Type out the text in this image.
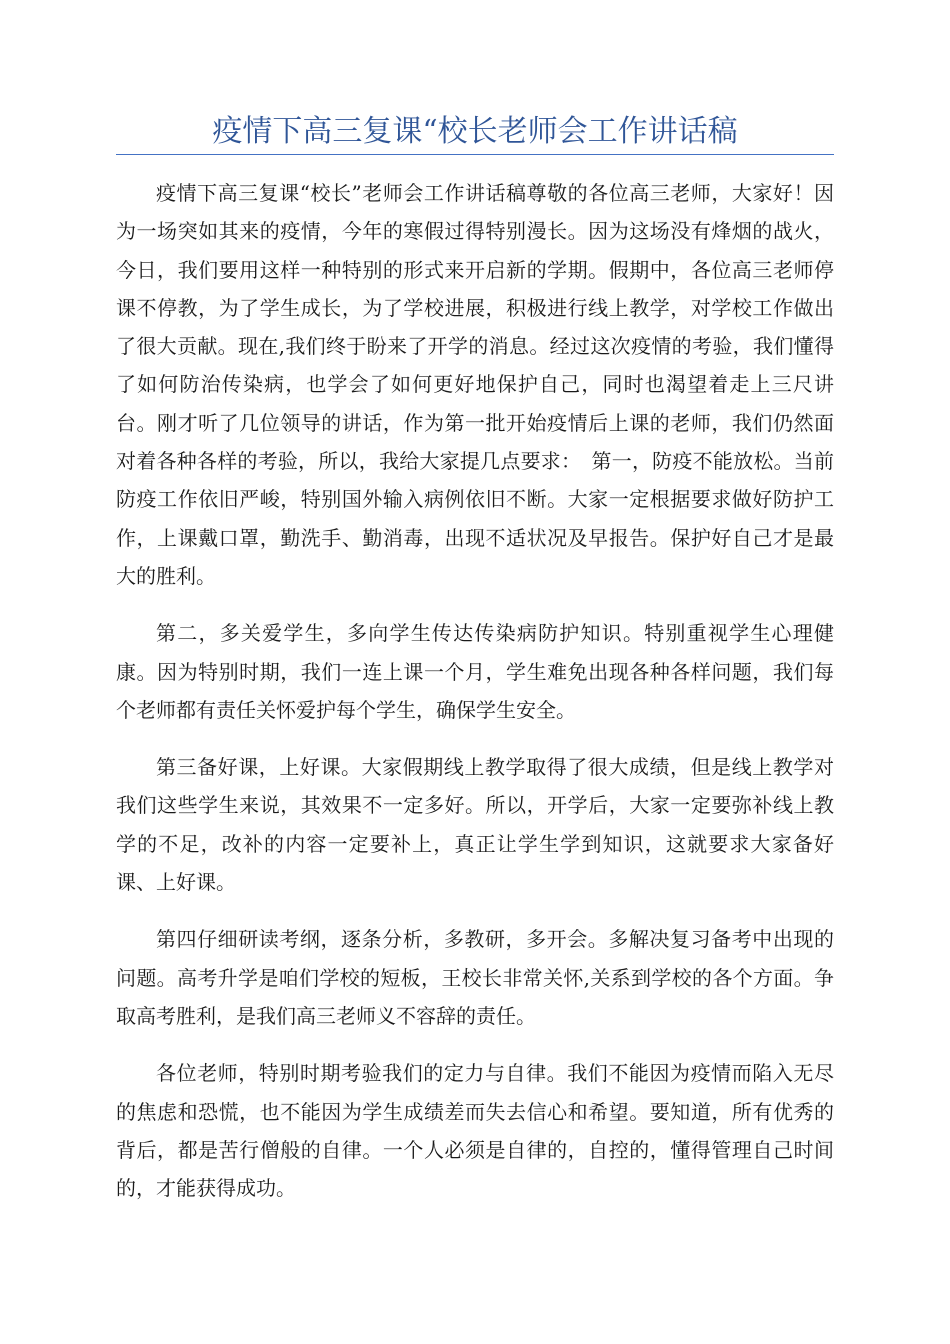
疫情下高三复课“校长老师会工作讲话稿

疫情下高三复课“校长”老师会工作讲话稿尊敬的各位高三老师，大家好！因为一场突如其来的疫情，今年的寒假过得特别漫长。因为这场没有烽烟的战火，今日，我们要用这样一种特别的形式来开启新的学期。假期中，各位高三老师停课不停教，为了学生成长，为了学校进展，积极进行线上教学，对学校工作做出了很大贡献。现在,我们终于盼来了开学的消息。经过这次疫情的考验，我们懂得了如何防治传染病，也学会了如何更好地保护自己，同时也渴望着走上三尺讲台。刚才听了几位领导的讲话，作为第一批开始疫情后上课的老师，我们仍然面对着各种各样的考验，所以，我给大家提几点要求：　第一，防疫不能放松。当前防疫工作依旧严峻，特别国外输入病例依旧不断。大家一定根据要求做好防护工作，上课戴口罩，勤洗手、勤消毒，出现不适状况及早报告。保护好自己才是最大的胜利。

第二，多关爱学生，多向学生传达传染病防护知识。特别重视学生心理健康。因为特别时期，我们一连上课一个月，学生难免出现各种各样问题，我们每个老师都有责任关怀爱护每个学生，确保学生安全。

第三备好课，上好课。大家假期线上教学取得了很大成绩，但是线上教学对我们这些学生来说，其效果不一定多好。所以，开学后，大家一定要弥补线上教学的不足，改补的内容一定要补上，真正让学生学到知识，这就要求大家备好课、上好课。

第四仔细研读考纲，逐条分析，多教研，多开会。多解决复习备考中出现的问题。高考升学是咱们学校的短板，王校长非常关怀,关系到学校的各个方面。争取高考胜利，是我们高三老师义不容辞的责任。

各位老师，特别时期考验我们的定力与自律。我们不能因为疫情而陷入无尽的焦虑和恐慌，也不能因为学生成绩差而失去信心和希望。要知道，所有优秀的背后，都是苦行僧般的自律。一个人必须是自律的，自控的，懂得管理自己时间的，才能获得成功。
